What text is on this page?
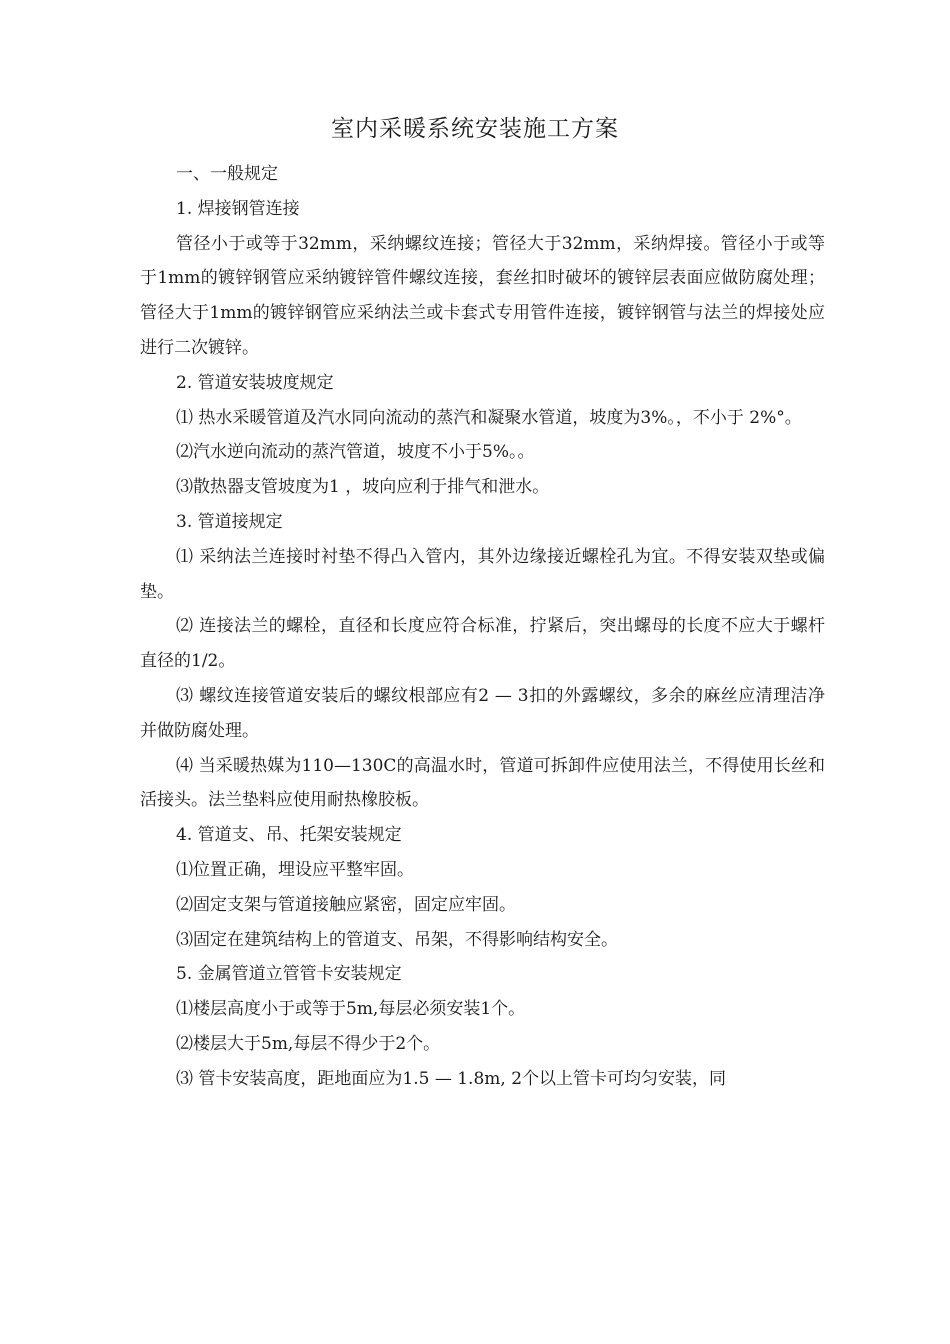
室内采暖系统安装施工方案

一、一般规定

1. 焊接钢管连接

管径小于或等于32mm，采纳螺纹连接；管径大于32mm，采纳焊接。管径小于或等于1mm的镀锌钢管应采纳镀锌管件螺纹连接，套丝扣时破坏的镀锌层表面应做防腐处理；管径大于1mm的镀锌钢管应采纳法兰或卡套式专用管件连接，镀锌钢管与法兰的焊接处应进行二次镀锌。

2. 管道安装坡度规定

⑴ 热水采暖管道及汽水同向流动的蒸汽和凝聚水管道，坡度为3%。，不小于 2%°。

⑵汽水逆向流动的蒸汽管道，坡度不小于5%。。

⑶散热器支管坡度为1 ，坡向应利于排气和泄水。

3. 管道接规定

⑴ 采纳法兰连接时衬垫不得凸入管内，其外边缘接近螺栓孔为宜。不得安装双垫或偏垫。

⑵ 连接法兰的螺栓，直径和长度应符合标准，拧紧后，突出螺母的长度不应大于螺杆直径的1/2。

⑶ 螺纹连接管道安装后的螺纹根部应有2 — 3扣的外露螺纹，多余的麻丝应清理洁净并做防腐处理。

⑷ 当采暖热媒为110—130C的高温水时，管道可拆卸件应使用法兰，不得使用长丝和活接头。法兰垫料应使用耐热橡胶板。

4. 管道支、吊、托架安装规定

⑴位置正确，埋设应平整牢固。

⑵固定支架与管道接触应紧密，固定应牢固。

⑶固定在建筑结构上的管道支、吊架，不得影响结构安全。

5. 金属管道立管管卡安装规定

⑴楼层高度小于或等于5m,每层必须安装1个。

⑵楼层大于5m,每层不得少于2个。

⑶ 管卡安装高度，距地面应为1.5 — 1.8m, 2个以上管卡可均匀安装，同
